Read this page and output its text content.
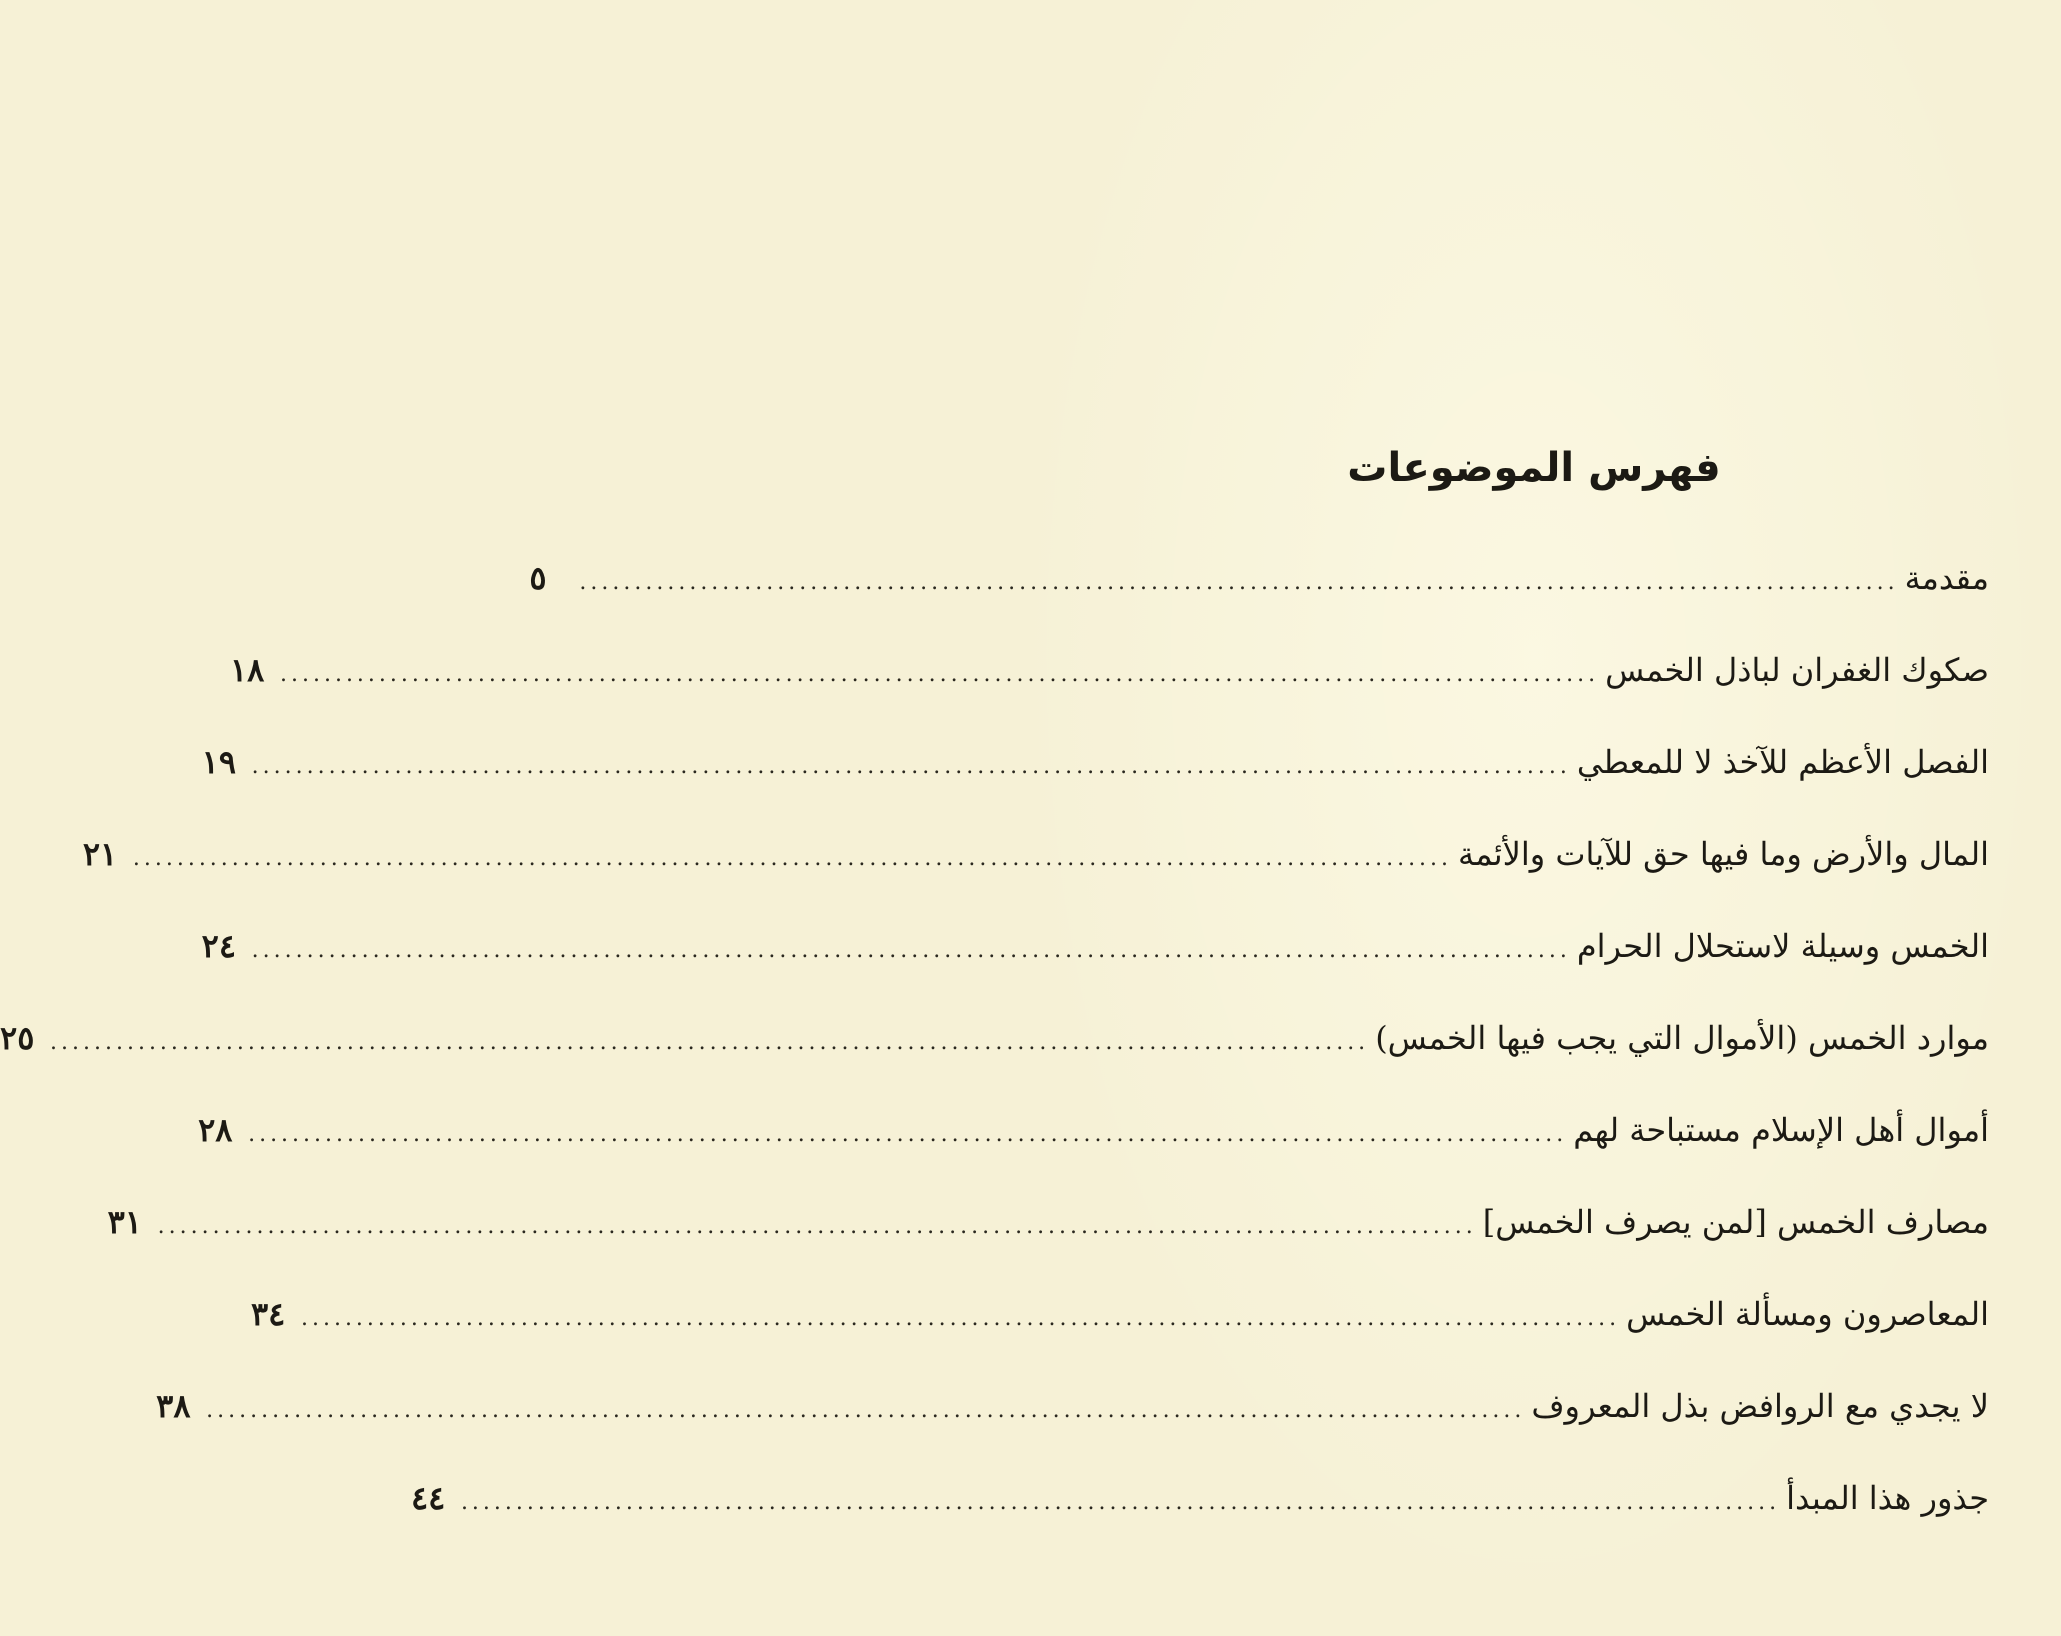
فهرس الموضوعات
مقدمة
........................................................................................................................
٥
صكوك الغفران لباذل الخمس
........................................................................................................................
١٨
الفصل الأعظم للآخذ لا للمعطي
........................................................................................................................
١٩
المال والأرض وما فيها حق للآيات والأئمة
........................................................................................................................
٢١
الخمس وسيلة لاستحلال الحرام
........................................................................................................................
٢٤
موارد الخمس (الأموال التي يجب فيها الخمس)
........................................................................................................................
٢٥
أموال أهل الإسلام مستباحة لهم
........................................................................................................................
٢٨
مصارف الخمس [لمن يصرف الخمس]
........................................................................................................................
٣١
المعاصرون ومسألة الخمس
........................................................................................................................
٣٤
لا يجدي مع الروافض بذل المعروف
........................................................................................................................
٣٨
جذور هذا المبدأ
........................................................................................................................
٤٤
